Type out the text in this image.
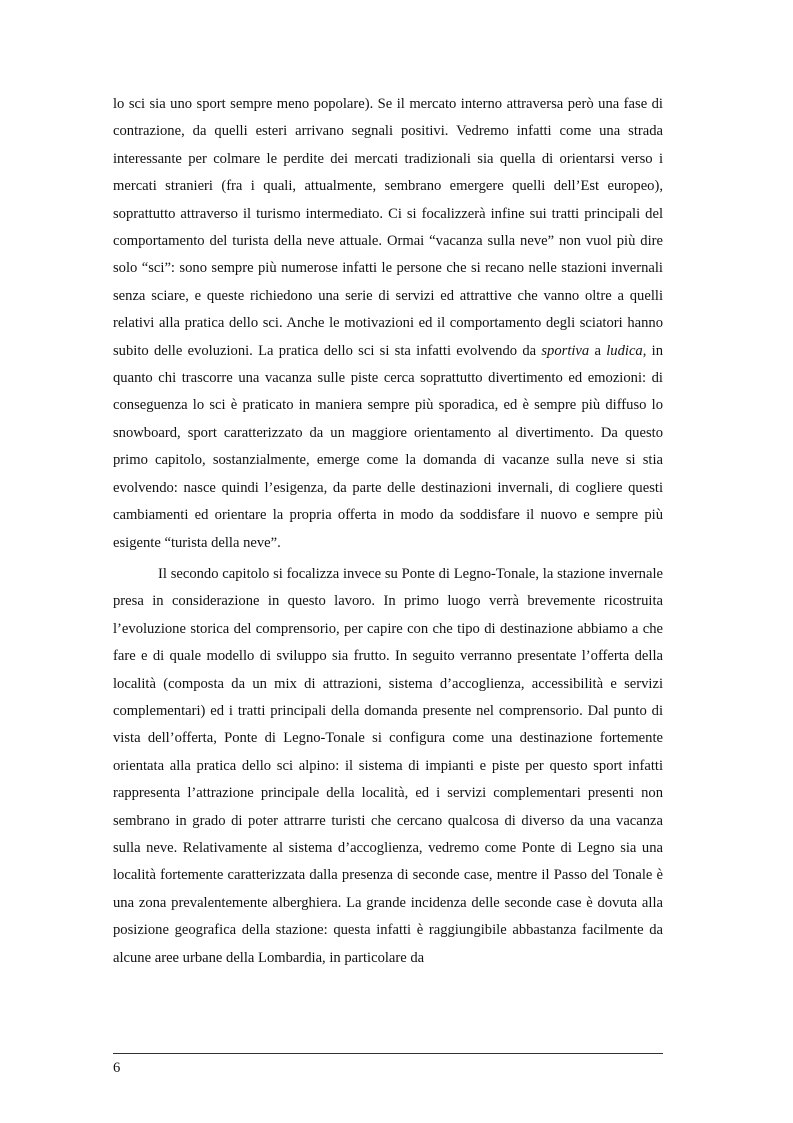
lo sci sia uno sport sempre meno popolare). Se il mercato interno attraversa però una fase di contrazione, da quelli esteri arrivano segnali positivi. Vedremo infatti come una strada interessante per colmare le perdite dei mercati tradizionali sia quella di orientarsi verso i mercati stranieri (fra i quali, attualmente, sembrano emergere quelli dell’Est europeo), soprattutto attraverso il turismo intermediato. Ci si focalizzerà infine sui tratti principali del comportamento del turista della neve attuale. Ormai “vacanza sulla neve” non vuol più dire solo “sci”: sono sempre più numerose infatti le persone che si recano nelle stazioni invernali senza sciare, e queste richiedono una serie di servizi ed attrattive che vanno oltre a quelli relativi alla pratica dello sci. Anche le motivazioni ed il comportamento degli sciatori hanno subito delle evoluzioni. La pratica dello sci si sta infatti evolvendo da sportiva a ludica, in quanto chi trascorre una vacanza sulle piste cerca soprattutto divertimento ed emozioni: di conseguenza lo sci è praticato in maniera sempre più sporadica, ed è sempre più diffuso lo snowboard, sport caratterizzato da un maggiore orientamento al divertimento. Da questo primo capitolo, sostanzialmente, emerge come la domanda di vacanze sulla neve si stia evolvendo: nasce quindi l’esigenza, da parte delle destinazioni invernali, di cogliere questi cambiamenti ed orientare la propria offerta in modo da soddisfare il nuovo e sempre più esigente “turista della neve”.

Il secondo capitolo si focalizza invece su Ponte di Legno-Tonale, la stazione invernale presa in considerazione in questo lavoro. In primo luogo verrà brevemente ricostruita l’evoluzione storica del comprensorio, per capire con che tipo di destinazione abbiamo a che fare e di quale modello di sviluppo sia frutto. In seguito verranno presentate l’offerta della località (composta da un mix di attrazioni, sistema d’accoglienza, accessibilità e servizi complementari) ed i tratti principali della domanda presente nel comprensorio. Dal punto di vista dell’offerta, Ponte di Legno-Tonale si configura come una destinazione fortemente orientata alla pratica dello sci alpino: il sistema di impianti e piste per questo sport infatti rappresenta l’attrazione principale della località, ed i servizi complementari presenti non sembrano in grado di poter attrarre turisti che cercano qualcosa di diverso da una vacanza sulla neve. Relativamente al sistema d’accoglienza, vedremo come Ponte di Legno sia una località fortemente caratterizzata dalla presenza di seconde case, mentre il Passo del Tonale è una zona prevalentemente alberghiera. La grande incidenza delle seconde case è dovuta alla posizione geografica della stazione: questa infatti è raggiungibile abbastanza facilmente da alcune aree urbane della Lombardia, in particolare da

6
